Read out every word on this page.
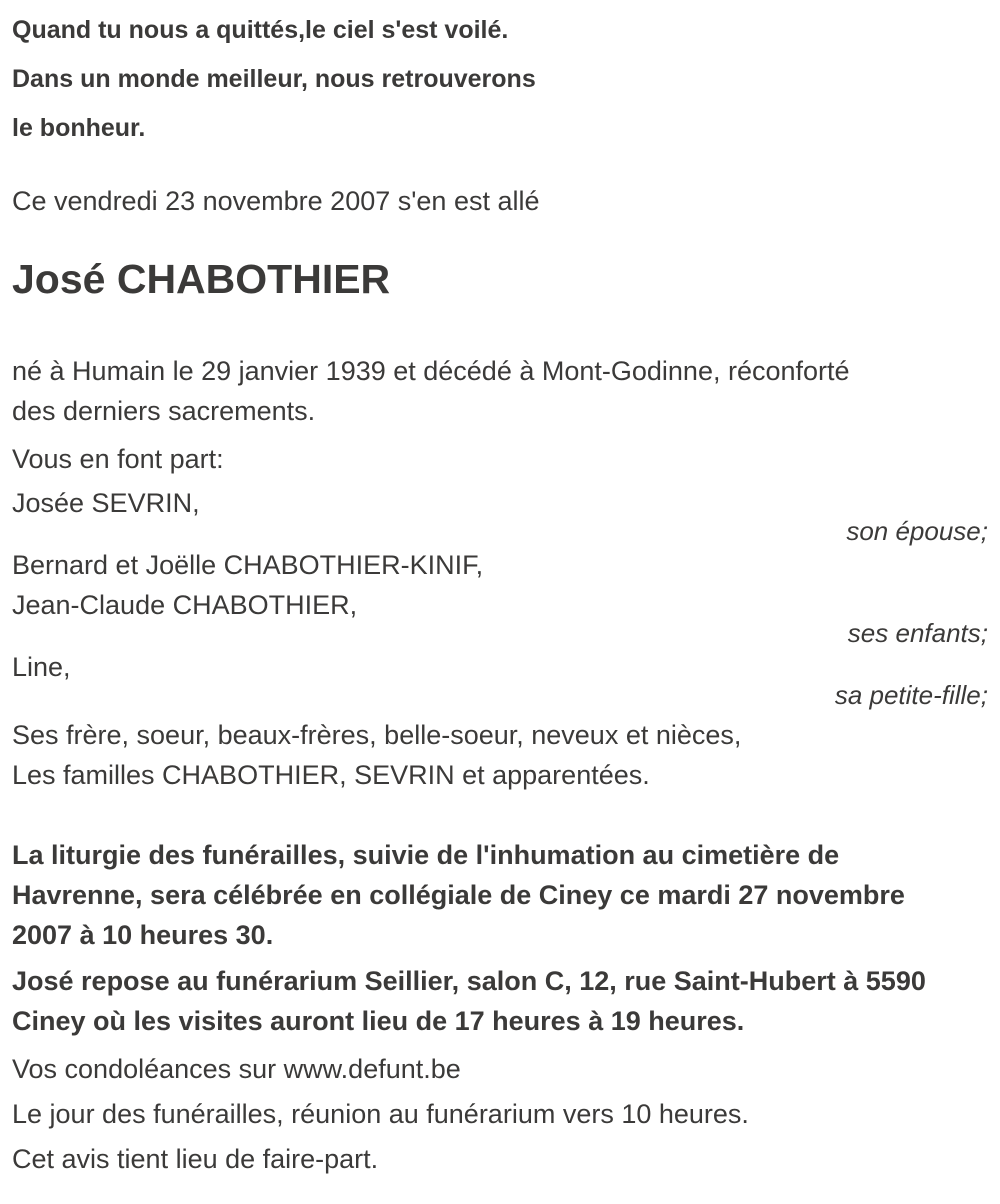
Quand tu nous a quittés,le ciel s'est voilé.
Dans un monde meilleur, nous retrouverons
le bonheur.

Ce vendredi 23 novembre 2007 s'en est allé

José CHABOTHIER
né à Humain le 29 janvier 1939 et décédé à Mont-Godinne, réconforté
des derniers sacrements.

Vous en font part:

Josée SEVRIN,
son épouse;
Bernard et Joëlle CHABOTHIER-KINIF,
Jean-Claude CHABOTHIER,
ses enfants;
Line,
sa petite-fille;
Ses frère, soeur, beaux-frères, belle-soeur, neveux et nièces,
Les familles CHABOTHIER, SEVRIN et apparentées.
La liturgie des funérailles, suivie de l'inhumation au cimetière de
Havrenne, sera célébrée en collégiale de Ciney ce mardi 27 novembre
2007 à 10 heures 30.
José repose au funérarium Seillier, salon C, 12, rue Saint-Hubert à 5590
Ciney où les visites auront lieu de 17 heures à 19 heures.

Vos condoléances sur www.defunt.be

Le jour des funérailles, réunion au funérarium vers 10 heures.

Cet avis tient lieu de faire-part.
